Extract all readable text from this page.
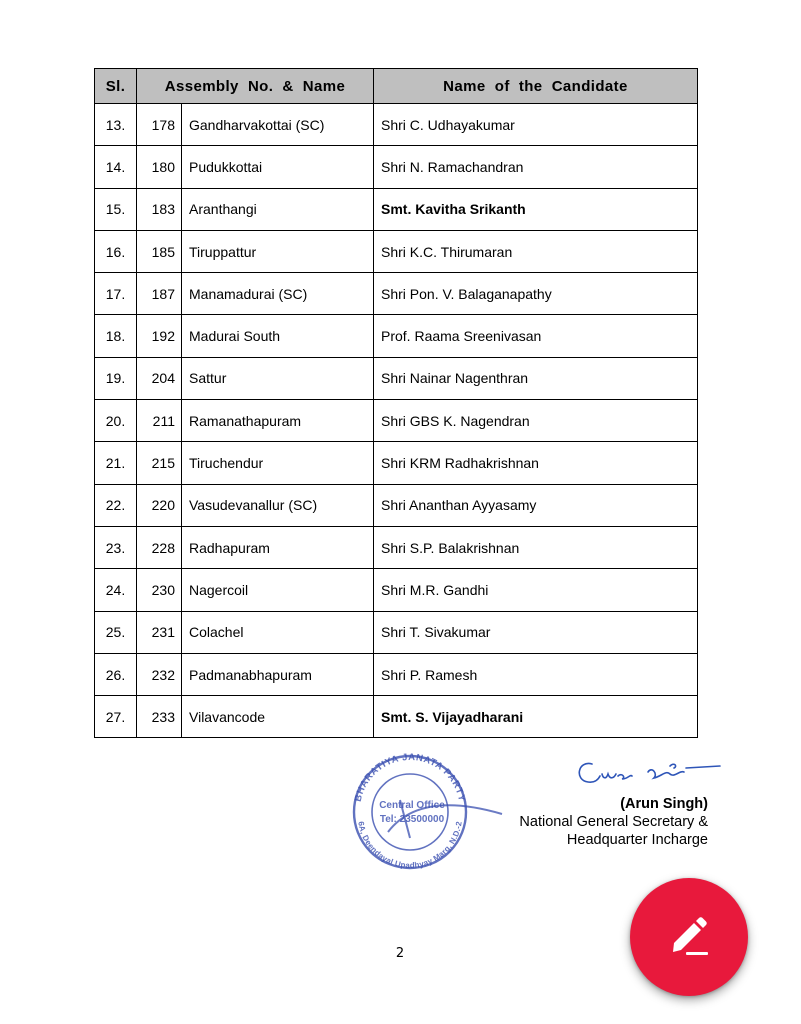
Sl.	Assembly  No.  &  Name		Name  of  the  Candidate
13.	178	Gandharvakottai (SC)	Shri C. Udhayakumar
14.	180	Pudukkottai	Shri N. Ramachandran
15.	183	Aranthangi	Smt. Kavitha Srikanth
16.	185	Tiruppattur	Shri K.C. Thirumaran
17.	187	Manamadurai (SC)	Shri Pon. V. Balaganapathy
18.	192	Madurai South	Prof. Raama Sreenivasan
19.	204	Sattur	Shri Nainar Nagenthran
20.	211	Ramanathapuram	Shri GBS K. Nagendran
21.	215	Tiruchendur	Shri KRM Radhakrishnan
22.	220	Vasudevanallur (SC)	Shri Ananthan Ayyasamy
23.	228	Radhapuram	Shri S.P. Balakrishnan
24.	230	Nagercoil	Shri M.R. Gandhi
25.	231	Colachel	Shri T. Sivakumar
26.	232	Padmanabhapuram	Shri P. Ramesh
27.	233	Vilavancode	Smt. S. Vijayadharani
BHARATIYA JANATA PARTY
6A, Deendayal Upadhyay Marg, N.D.-2
Central Office
Tel: 23500000
(Arun Singh)
National General Secretary &
Headquarter Incharge
2
